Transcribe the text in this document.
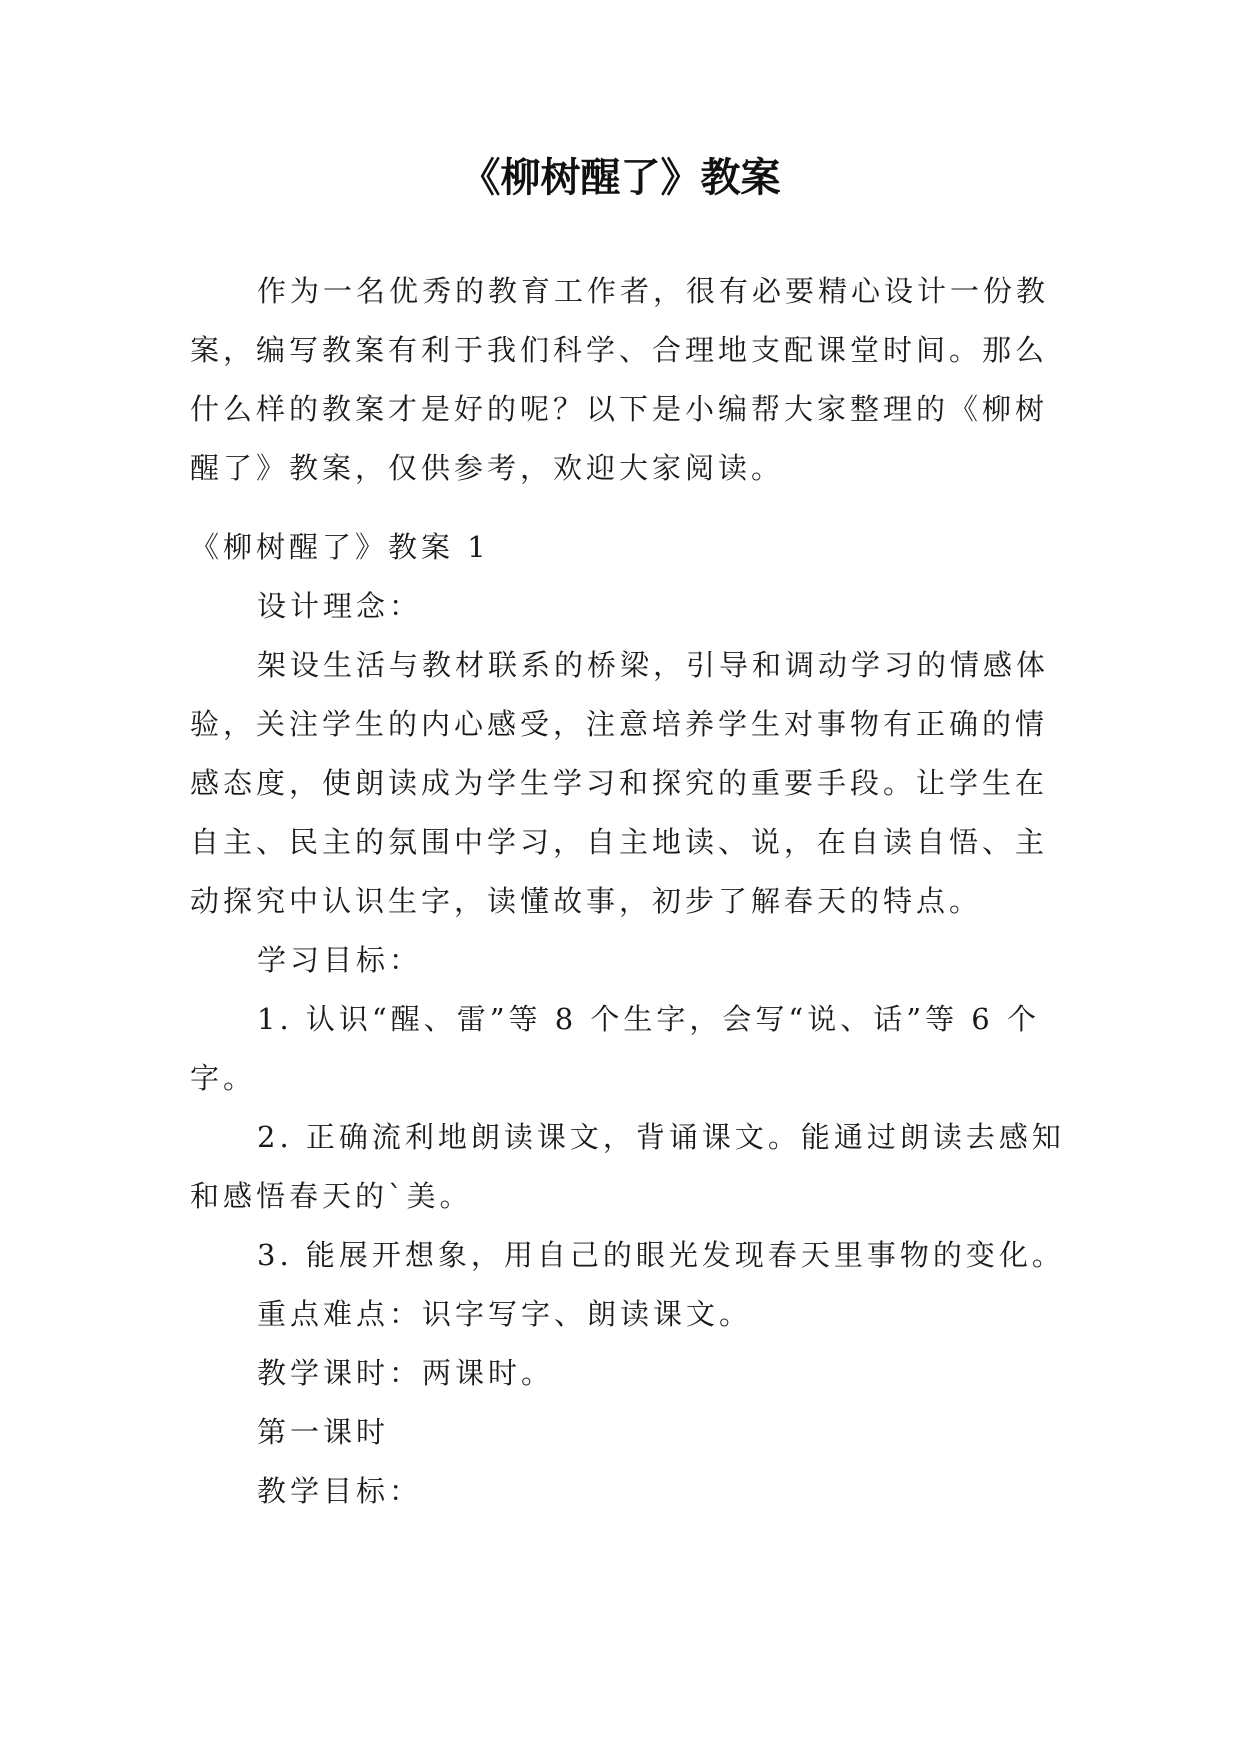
《柳树醒了》教案
作为一名优秀的教育工作者，很有必要精心设计一份教
案，编写教案有利于我们科学、合理地支配课堂时间。那么
什么样的教案才是好的呢？以下是小编帮大家整理的《柳树
醒了》教案，仅供参考，欢迎大家阅读。
《柳树醒了》教案 1
设计理念：
架设生活与教材联系的桥梁，引导和调动学习的情感体
验，关注学生的内心感受，注意培养学生对事物有正确的情
感态度，使朗读成为学生学习和探究的重要手段。让学生在
自主、民主的氛围中学习，自主地读、说，在自读自悟、主
动探究中认识生字，读懂故事，初步了解春天的特点。
学习目标：
1. 认识“醒、雷”等 8 个生字，会写“说、话”等 6 个
字。
2. 正确流利地朗读课文，背诵课文。能通过朗读去感知
和感悟春天的`美。
3. 能展开想象，用自己的眼光发现春天里事物的变化。
重点难点：识字写字、朗读课文。
教学课时：两课时。
第一课时
教学目标：
